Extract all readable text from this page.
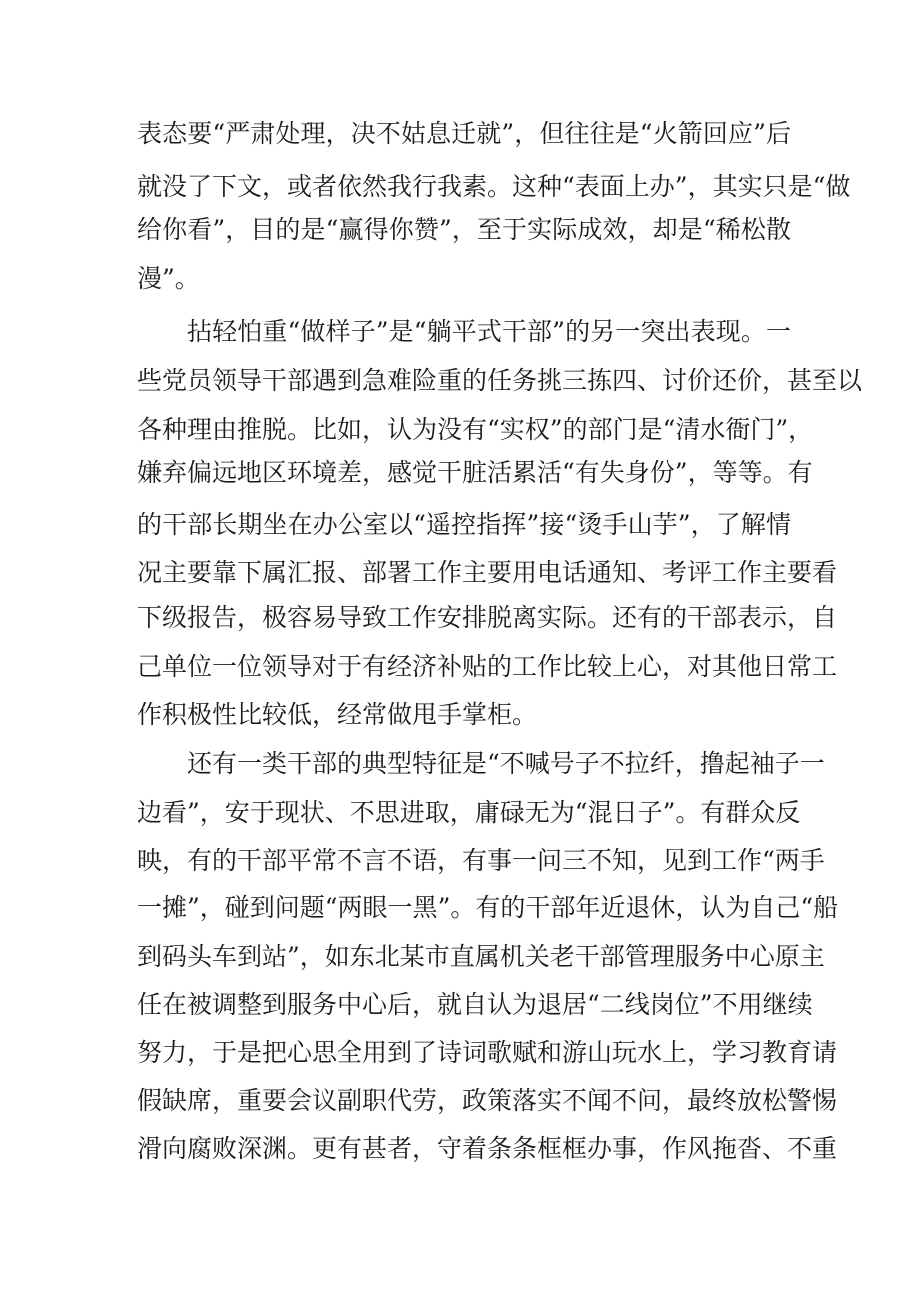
表态要“严肃处理，决不姑息迁就”，但往往是“火箭回应”后
就没了下文，或者依然我行我素。这种“表面上办”，其实只是“做
给你看”，目的是“赢得你赞”，至于实际成效，却是“稀松散
漫”。
拈轻怕重“做样子”是“躺平式干部”的另一突出表现。一
些党员领导干部遇到急难险重的任务挑三拣四、讨价还价，甚至以
各种理由推脱。比如，认为没有“实权”的部门是“清水衙门”，
嫌弃偏远地区环境差，感觉干脏活累活“有失身份”，等等。有
的干部长期坐在办公室以“遥控指挥”接“烫手山芋”，了解情
况主要靠下属汇报、部署工作主要用电话通知、考评工作主要看
下级报告，极容易导致工作安排脱离实际。还有的干部表示，自
己单位一位领导对于有经济补贴的工作比较上心，对其他日常工
作积极性比较低，经常做甩手掌柜。
还有一类干部的典型特征是“不喊号子不拉纤，撸起袖子一
边看”，安于现状、不思进取，庸碌无为“混日子”。有群众反
映，有的干部平常不言不语，有事一问三不知，见到工作“两手
一摊”，碰到问题“两眼一黑”。有的干部年近退休，认为自己“船
到码头车到站”，如东北某市直属机关老干部管理服务中心原主
任在被调整到服务中心后，就自认为退居“二线岗位”不用继续
努力，于是把心思全用到了诗词歌赋和游山玩水上，学习教育请
假缺席，重要会议副职代劳，政策落实不闻不问，最终放松警惕
滑向腐败深渊。更有甚者，守着条条框框办事，作风拖沓、不重
